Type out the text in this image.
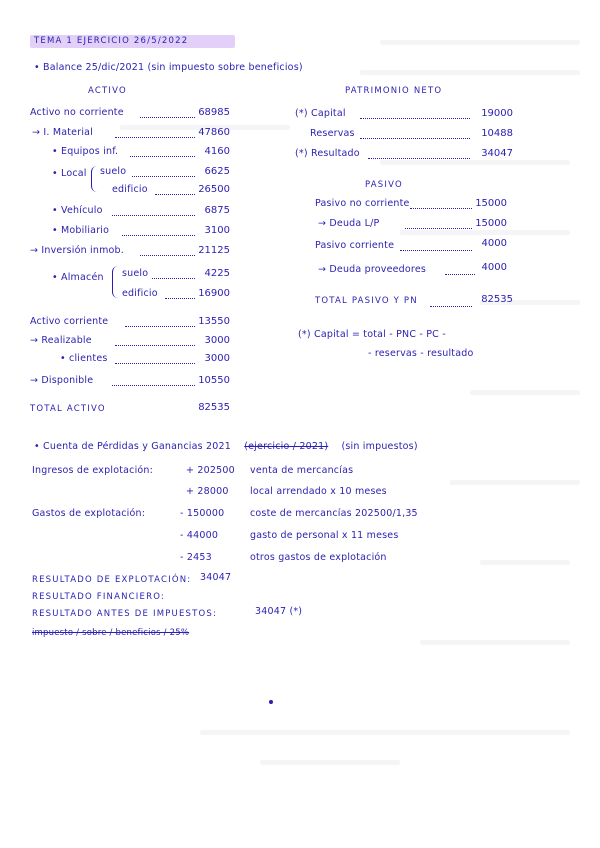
TEMA 1 EJERCICIO 26/5/2022
• Balance 25/dic/2021 (sin impuesto sobre beneficios)
ACTIVO
Activo no corriente	68985
→ I. Material	47860
• Equipos inf.	4160
• Local suelo	6625
edificio	26500
• Vehículo	6875
• Mobiliario	3100
→ Inversión inmob.	21125
• Almacén suelo	4225
edificio	16900
Activo corriente	13550
→ Realizable	3000
• clientes	3000
→ Disponible	10550
TOTAL ACTIVO	82535
PATRIMONIO NETO
(*) Capital	19000
Reservas	10488
(*) Resultado	34047
PASIVO
Pasivo no corriente	15000
→ Deuda L/P	15000
Pasivo corriente	4000
→ Deuda proveedores	4000
TOTAL PASIVO Y PN	82535
(*) Capital = total - PNC - PC -
- reservas - resultado
• Cuenta de Pérdidas y Ganancias 2021 (ejercicio / 2021) (sin impuestos)
Ingresos de explotación:	+ 202500 venta de mercancías
+ 28000 local arrendado x 10 meses
Gastos de explotación:	- 150000	coste de mercancías 202500/1,35
- 44000	gasto de personal x 11 meses
- 2453	otros gastos de explotación
RESULTADO DE EXPLOTACIÓN: 34047
RESULTADO FINANCIERO:
RESULTADO ANTES DE IMPUESTOS:	34047 (*)
impuesto / sobre / beneficios / 25%
